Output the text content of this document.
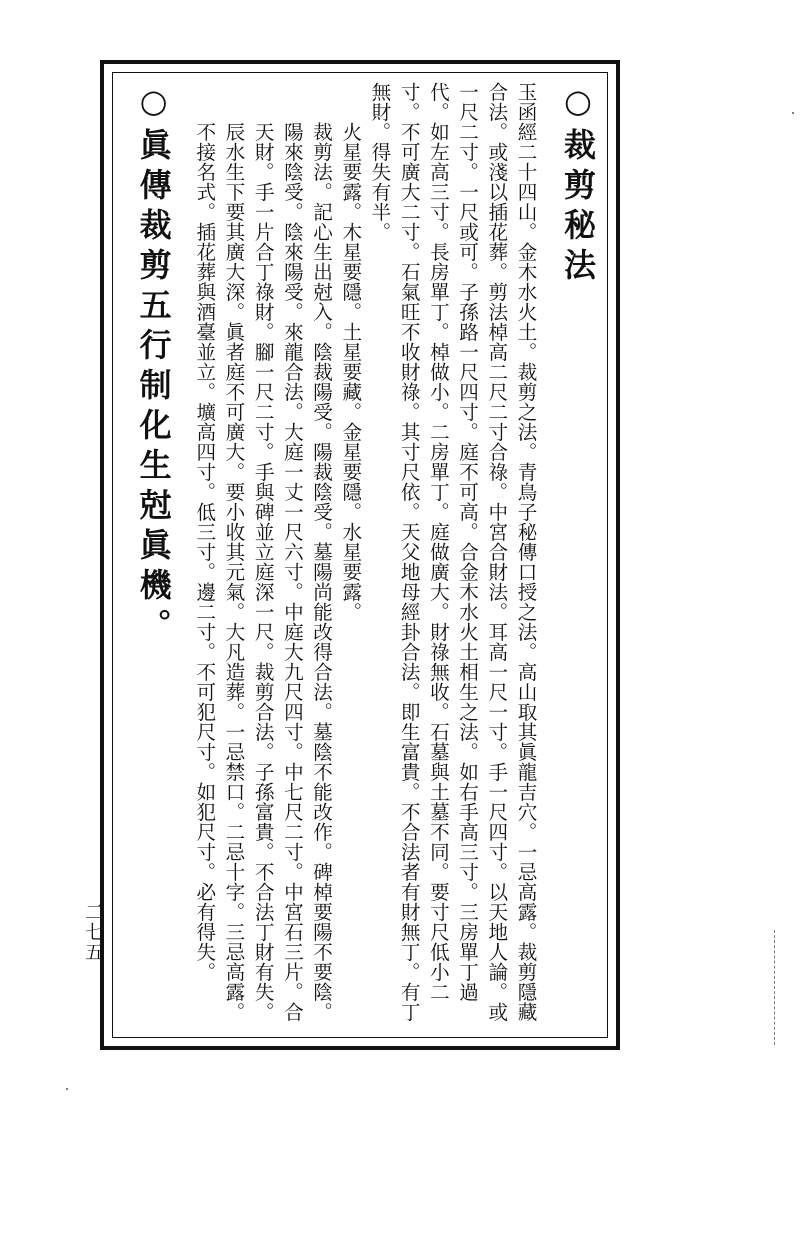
○裁剪秘法
玉函經二十四山。金木水火土。裁剪之法。青鳥子秘傳口授之法。高山取其眞龍吉穴。一忌高露。裁剪隱藏合法。或淺以插花葬。剪法棹高二尺二寸合祿。中宮合財法。耳高一尺一寸。手一尺四寸。以天地人論。或一尺二寸。一尺或可。子孫路一尺四寸。庭不可高。合金木水火土相生之法。如右手高三寸。三房單丁過代。如左高三寸。長房單丁。棹做小。二房單丁。庭做廣大。財祿無收。石墓與土墓不同。要寸尺低小二寸。不可廣大二寸。石氣旺不收財祿。其寸尺依。天父地母經卦合法。即生富貴。不合法者有財無丁。有丁無財。得失有半。
火星要露。木星要隱。土星要藏。金星要隱。水星要露。
裁剪法。記心生出尅入。陰裁陽受。陽裁陰受。墓陽尚能改得合法。墓陰不能改作。碑棹要陽不要陰。陽來陰受。陰來陽受。來龍合法。大庭一丈一尺六寸。中庭大九尺四寸。中七尺二寸。中宮石三片。合天財。手一片合丁祿財。腳一尺二寸。手與碑並立庭深一尺。裁剪合法。子孫富貴。不合法丁財有失。辰水生下要其廣大深。眞者庭不可廣大。要小收其元氣。大凡造葬。一忌禁口。二忌十字。三忌高露。不接名式。插花葬與酒臺並立。壙高四寸。低三寸。邊二寸。不可犯尺寸。如犯尺寸。必有得失。
○眞傳裁剪五行制化生尅眞機。
二七五
